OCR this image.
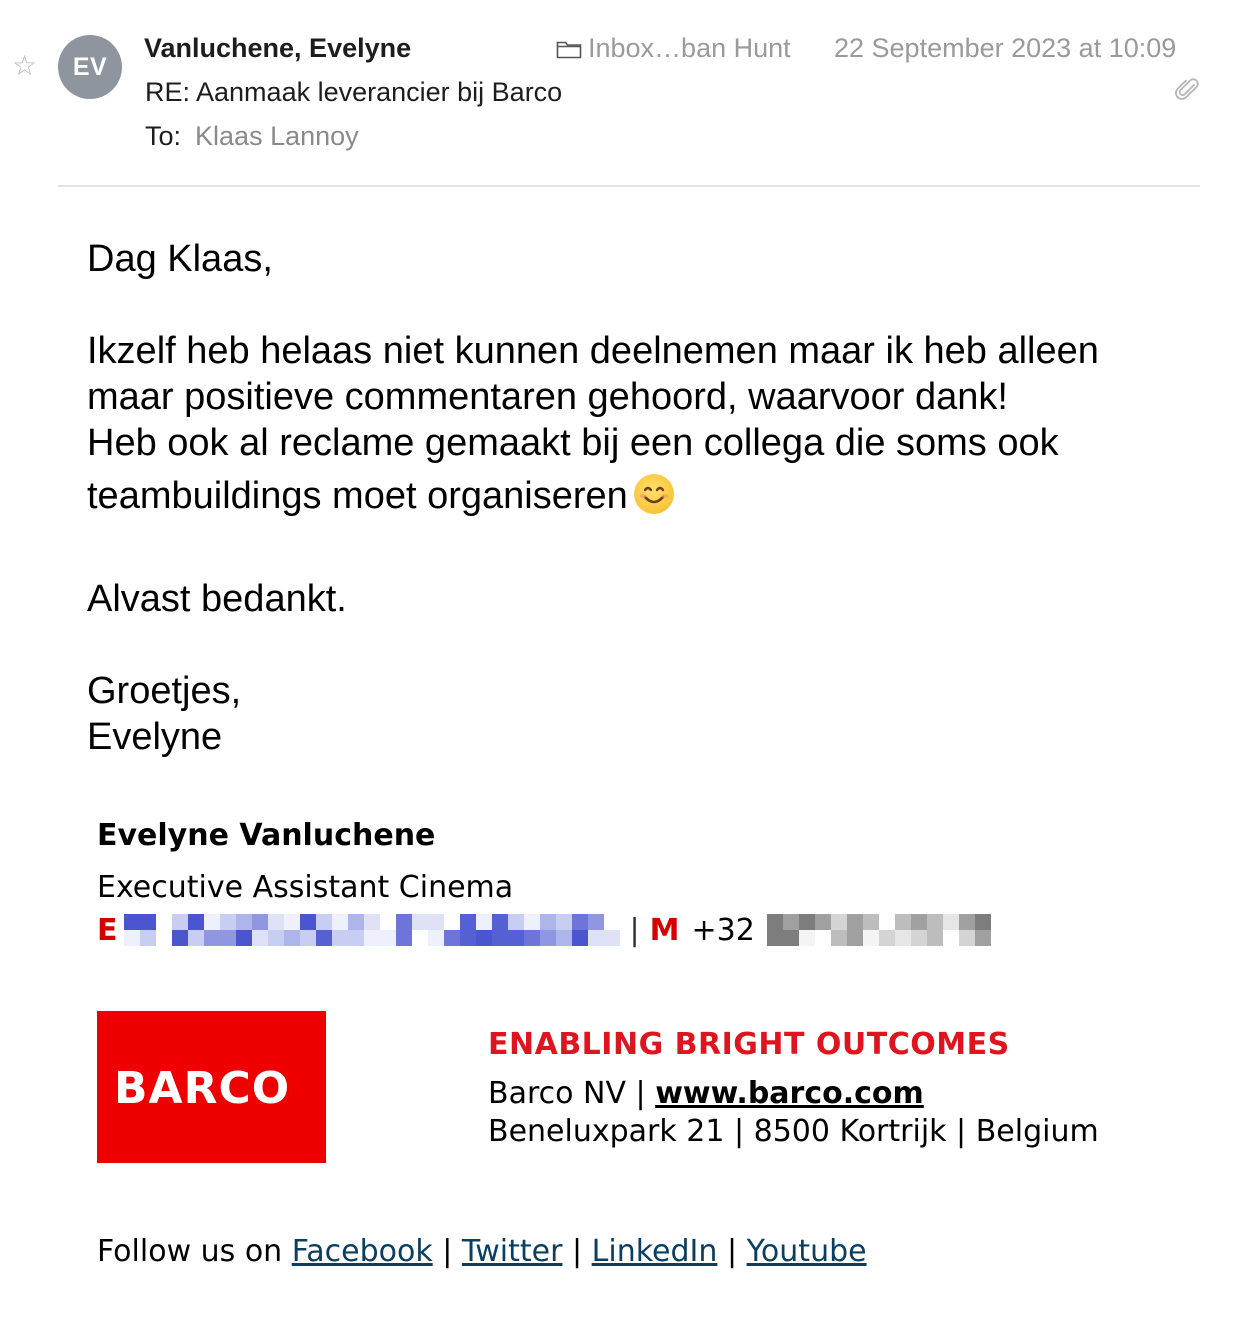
☆	EV
Vanluchene, Evelyne
RE: Aanmaak leverancier bij Barco
To: Klaas Lannoy
Inbox…ban Hunt 22 September 2023 at 10:09
Dag Klaas,
Ikzelf heb helaas niet kunnen deelnemen maar ik heb alleen
maar positieve commentaren gehoord, waarvoor dank!
Heb ook al reclame gemaakt bij een collega die soms ook
teambuildings moet organiseren
Alvast bedankt.
Groetjes,
Evelyne
Evelyne Vanluchene
Executive Assistant Cinema
E	| M +32
BARCO
ENABLING BRIGHT OUTCOMES
Barco NV | www.barco.com
Beneluxpark 21 | 8500 Kortrijk | Belgium
Follow us on Facebook | Twitter | LinkedIn | Youtube
